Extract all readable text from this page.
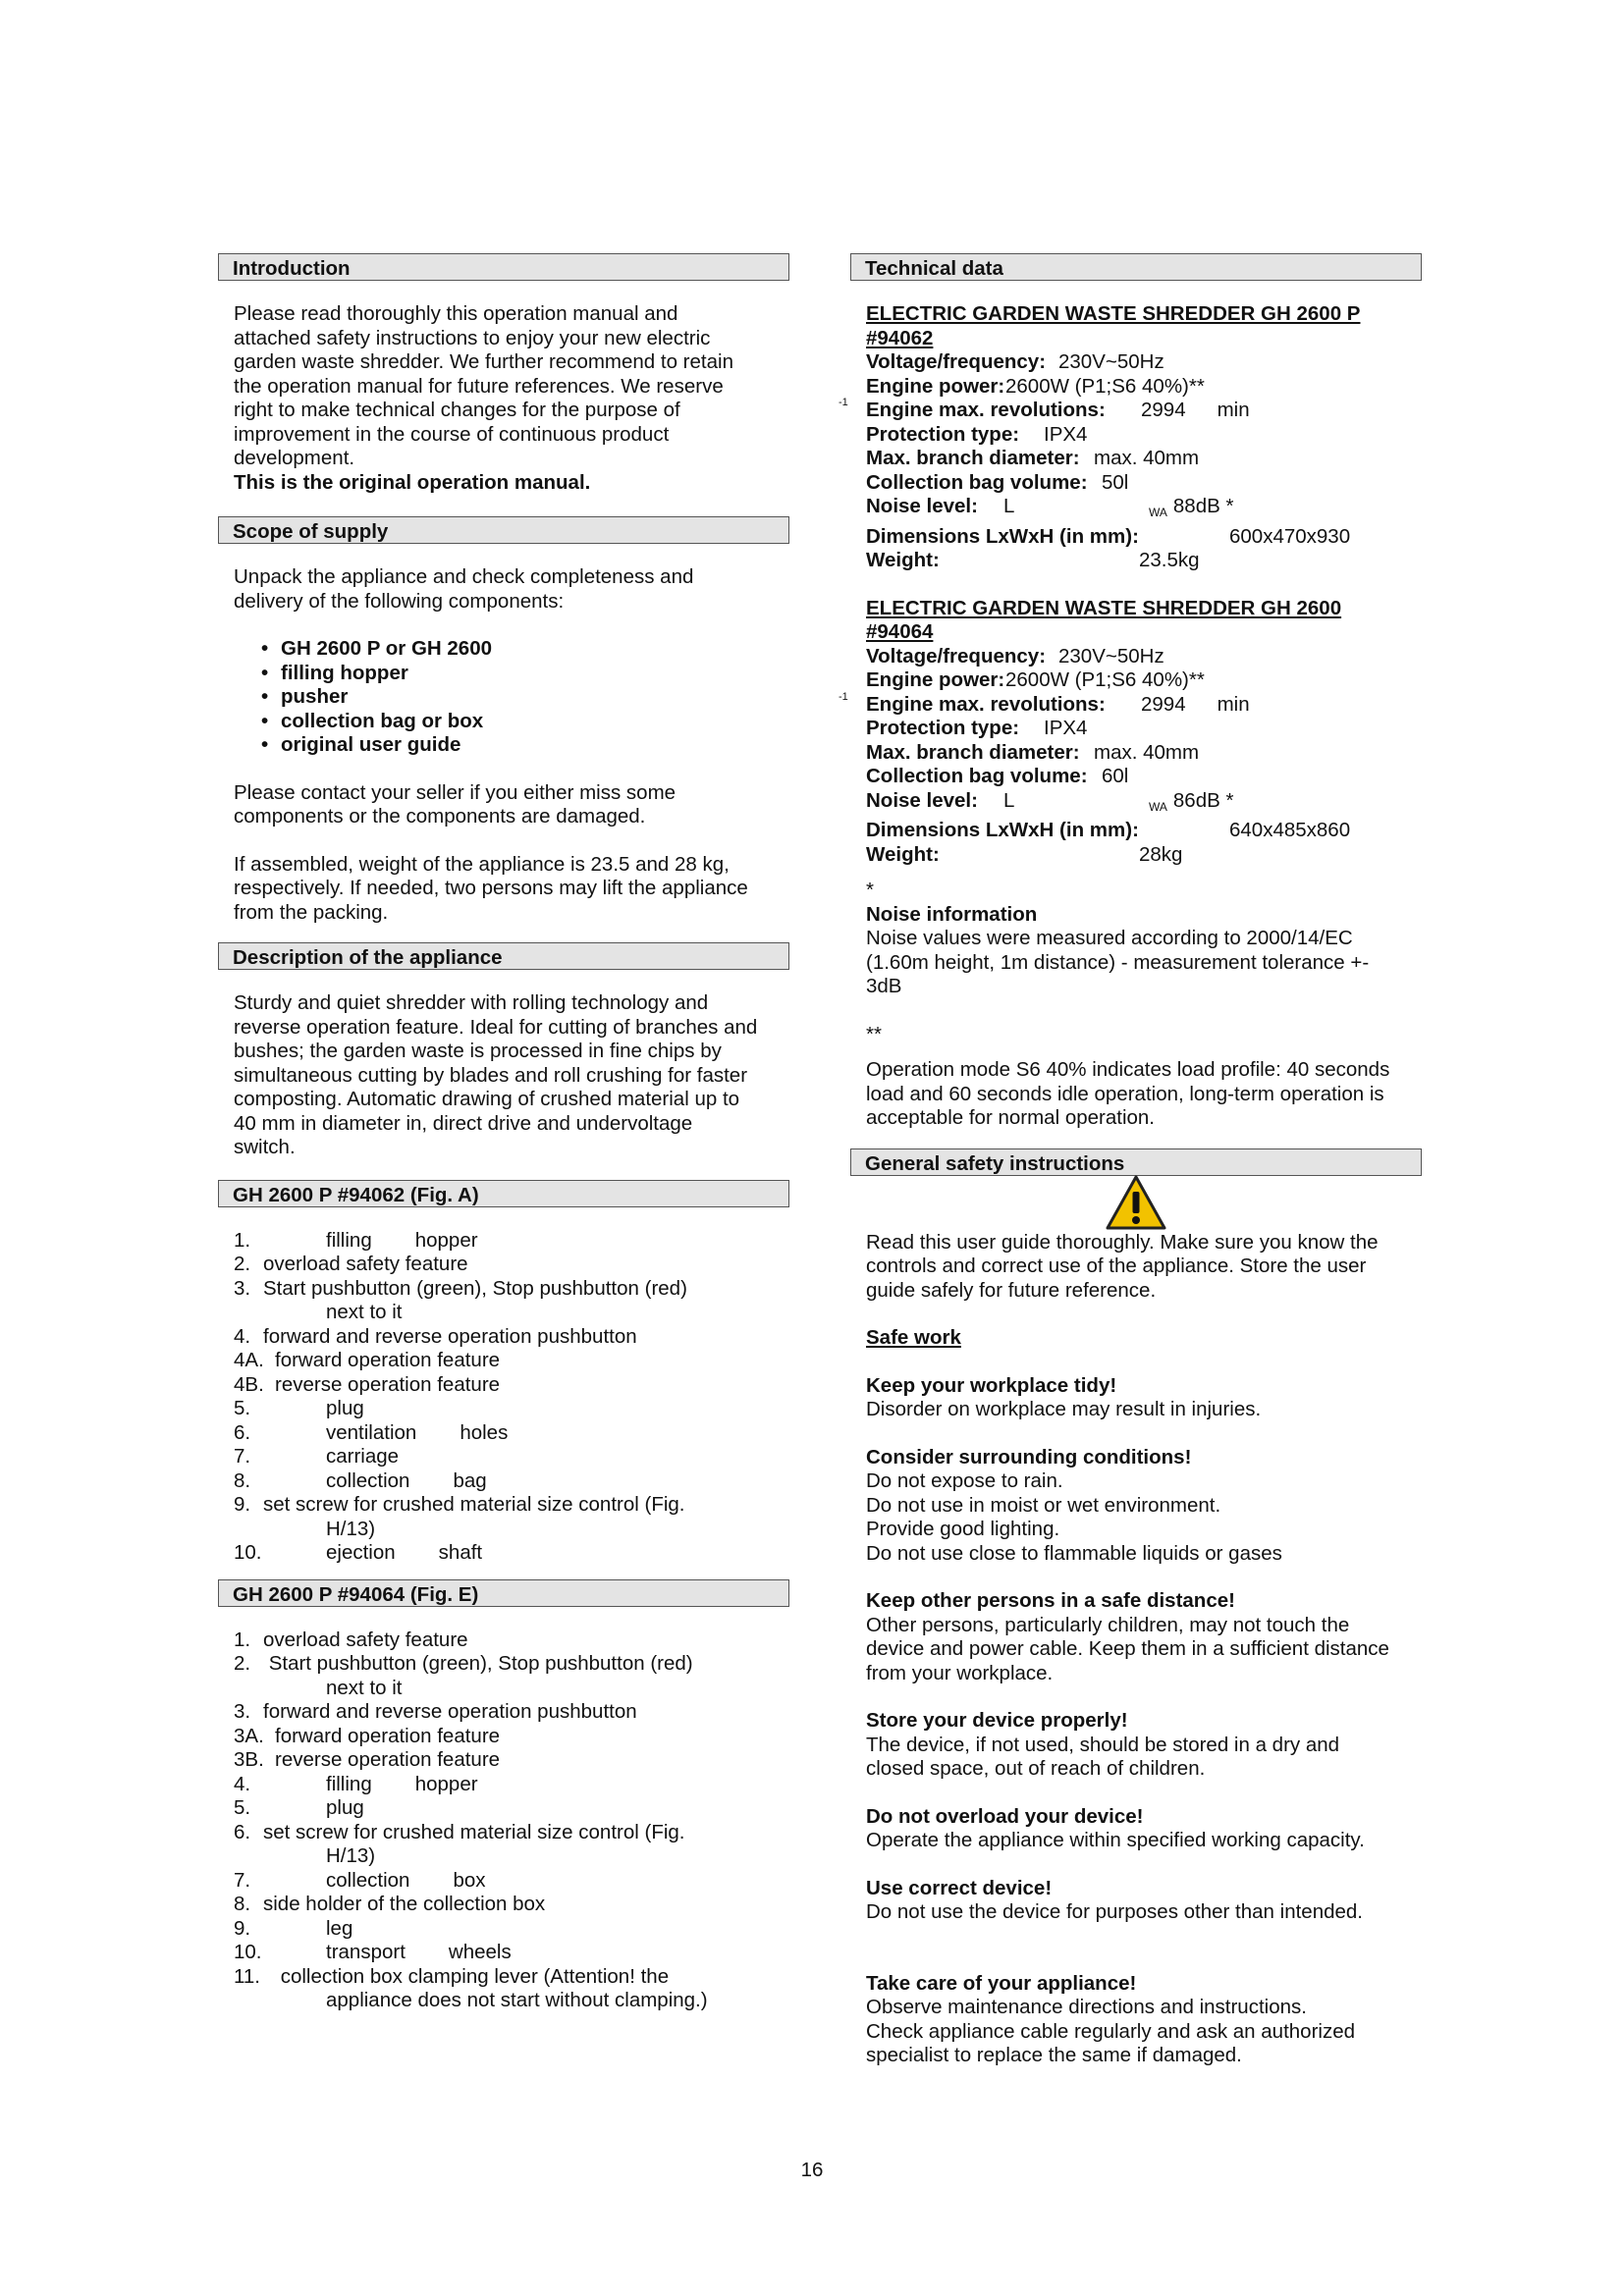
Introduction

Please read thoroughly this operation manual and

attached safety instructions to enjoy your new electric

garden waste shredder. We further recommend to retain

the operation manual for future references. We reserve

right to make technical changes for the purpose of

improvement in the course of continuous product

development.

This is the original operation manual.

Scope of supply

Unpack the appliance and check completeness and

delivery of the following components:

• GH 2600 P or GH 2600
• filling hopper
• pusher
• collection bag or box
• original user guide

Please contact your seller if you either miss some

components or the components are damaged.

If assembled, weight of the appliance is 23.5 and 28 kg,

respectively. If needed, two persons may lift the appliance

from the packing.

Description of the appliance

Sturdy and quiet shredder with rolling technology and

reverse operation feature. Ideal for cutting of branches and

bushes; the garden waste is processed in fine chips by

simultaneous cutting by blades and roll crushing for faster

composting. Automatic drawing of crushed material up to

40 mm in diameter in, direct drive and undervoltage

switch.

GH 2600 P #94062 (Fig. A)
1.	filling hopper
2. overload safety feature
3. Start pushbutton (green), Stop pushbutton (red)
next to it
4. forward and reverse operation pushbutton
4A. forward operation feature
4B. reverse operation feature
5.	plug
6.	ventilation holes
7.	carriage
8.	collection bag
9. set screw for crushed material size control (Fig.
H/13)
10.	ejection shaft
GH 2600 P #94064 (Fig. E)
1. overload safety feature
2. Start pushbutton (green), Stop pushbutton (red)
next to it
3. forward and reverse operation pushbutton
3A. forward operation feature
3B. reverse operation feature
4.	filling hopper
5.	plug
6. set screw for crushed material size control (Fig.
H/13)
7.	collection box
8. side holder of the collection box
9.	leg
10.	transport wheels
11. collection box clamping lever (Attention! the
appliance does not start without clamping.)
Technical data

ELECTRIC GARDEN WASTE SHREDDER GH 2600 P

#94062

Voltage/frequency: 230V~50Hz
Engine power: 2600W (P1;S6 40%)**
Engine max. revolutions:	2994 min
-1
Protection type:	IPX4
Max. branch diameter: max. 40mm
Collection bag volume: 50l
Noise level:	L	WA 88dB *
Dimensions LxWxH (in mm):	600x470x930
Weight:	23.5kg

ELECTRIC GARDEN WASTE SHREDDER GH 2600

#94064

Voltage/frequency: 230V~50Hz
Engine power: 2600W (P1;S6 40%)**
Engine max. revolutions:	2994 min
-1
Protection type:	IPX4
Max. branch diameter: max. 40mm
Collection bag volume: 60l
Noise level:	L	WA 86dB *
Dimensions LxWxH (in mm):	640x485x860
Weight:	28kg

*

Noise information

Noise values were measured according to 2000/14/EC

(1.60m height, 1m distance) - measurement tolerance +-

3dB

**

Operation mode S6 40% indicates load profile: 40 seconds

load and 60 seconds idle operation, long-term operation is

acceptable for normal operation.

General safety instructions

Read this user guide thoroughly. Make sure you know the

controls and correct use of the appliance. Store the user

guide safely for future reference.

Safe work

Keep your workplace tidy!

Disorder on workplace may result in injuries.

Consider surrounding conditions!

Do not expose to rain.

Do not use in moist or wet environment.

Provide good lighting.

Do not use close to flammable liquids or gases

Keep other persons in a safe distance!

Other persons, particularly children, may not touch the

device and power cable. Keep them in a sufficient distance

from your workplace.

Store your device properly!

The device, if not used, should be stored in a dry and

closed space, out of reach of children.

Do not overload your device!

Operate the appliance within specified working capacity.

Use correct device!

Do not use the device for purposes other than intended.

Take care of your appliance!

Observe maintenance directions and instructions.

Check appliance cable regularly and ask an authorized

specialist to replace the same if damaged.

16
